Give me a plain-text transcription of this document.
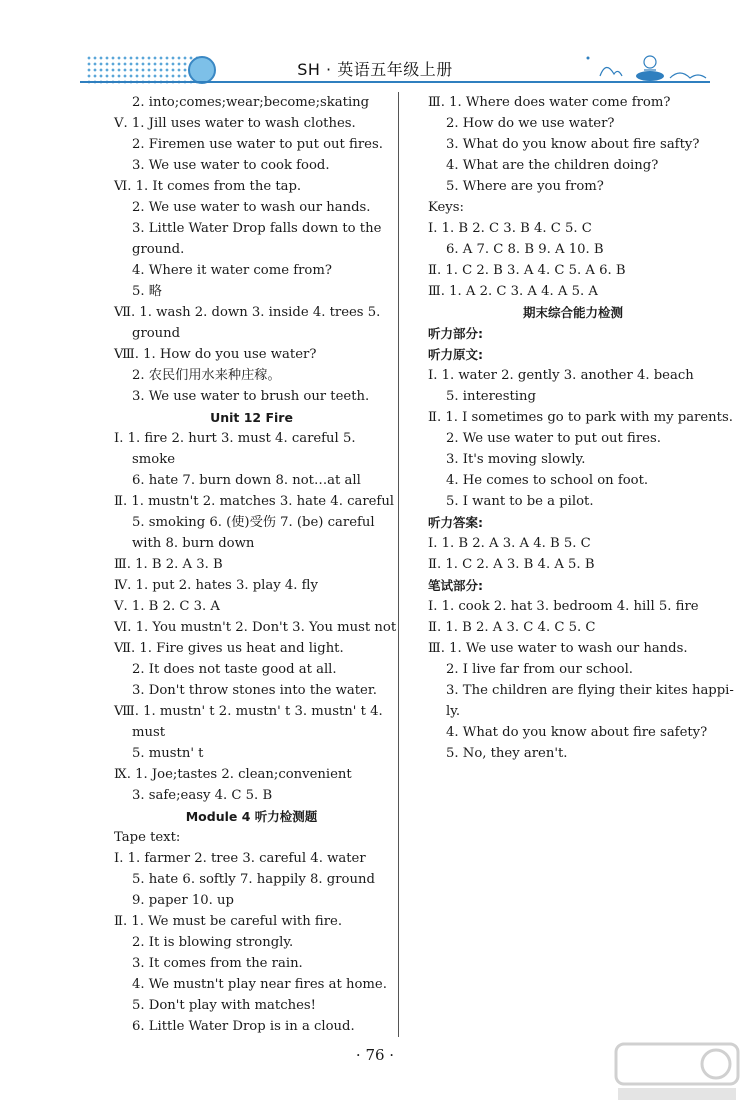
SH · 英语五年级上册
2. into;comes;wear;become;skating
Ⅴ. 1. Jill uses water to wash clothes.
2. Firemen use water to put out fires.
3. We use water to cook food.
Ⅵ. 1. It comes from the tap.
2. We use water to wash our hands.
3. Little Water Drop falls down to the
ground.
4. Where it water come from?
5. 略
Ⅶ. 1. wash 2. down 3. inside 4. trees 5.
ground
Ⅷ. 1. How do you use water?
2. 农民们用水来种庄稼。
3. We use water to brush our teeth.
Unit 12 Fire
Ⅰ. 1. fire 2. hurt 3. must 4. careful 5.
smoke
6. hate 7. burn down 8. not…at all
Ⅱ. 1. mustn't 2. matches 3. hate 4. careful
5. smoking 6. (使)受伤 7. (be) careful
with 8. burn down
Ⅲ. 1. B 2. A 3. B
Ⅳ. 1. put 2. hates 3. play 4. fly
Ⅴ. 1. B 2. C 3. A
Ⅵ. 1. You mustn't 2. Don't 3. You must not
Ⅶ. 1. Fire gives us heat and light.
2. It does not taste good at all.
3. Don't throw stones into the water.
Ⅷ. 1. mustn' t 2. mustn' t 3. mustn' t 4.
must
5. mustn' t
Ⅸ. 1. Joe;tastes 2. clean;convenient
3. safe;easy 4. C 5. B
Module 4 听力检测题
Tape text:
Ⅰ. 1. farmer 2. tree 3. careful 4. water
5. hate 6. softly 7. happily 8. ground
9. paper 10. up
Ⅱ. 1. We must be careful with fire.
2. It is blowing strongly.
3. It comes from the rain.
4. We mustn't play near fires at home.
5. Don't play with matches!
6. Little Water Drop is in a cloud.
Ⅲ. 1. Where does water come from?
2. How do we use water?
3. What do you know about fire safty?
4. What are the children doing?
5. Where are you from?
Keys:
Ⅰ. 1. B 2. C 3. B 4. C 5. C
6. A 7. C 8. B 9. A 10. B
Ⅱ. 1. C 2. B 3. A 4. C 5. A 6. B
Ⅲ. 1. A 2. C 3. A 4. A 5. A
期末综合能力检测
听力部分:
听力原文:
Ⅰ. 1. water 2. gently 3. another 4. beach
5. interesting
Ⅱ. 1. I sometimes go to park with my parents.
2. We use water to put out fires.
3. It's moving slowly.
4. He comes to school on foot.
5. I want to be a pilot.
听力答案:
Ⅰ. 1. B 2. A 3. A 4. B 5. C
Ⅱ. 1. C 2. A 3. B 4. A 5. B
笔试部分:
Ⅰ. 1. cook 2. hat 3. bedroom 4. hill 5. fire
Ⅱ. 1. B 2. A 3. C 4. C 5. C
Ⅲ. 1. We use water to wash our hands.
2. I live far from our school.
3. The children are flying their kites happi-
ly.
4. What do you know about fire safety?
5. No, they aren't.
· 76 ·
